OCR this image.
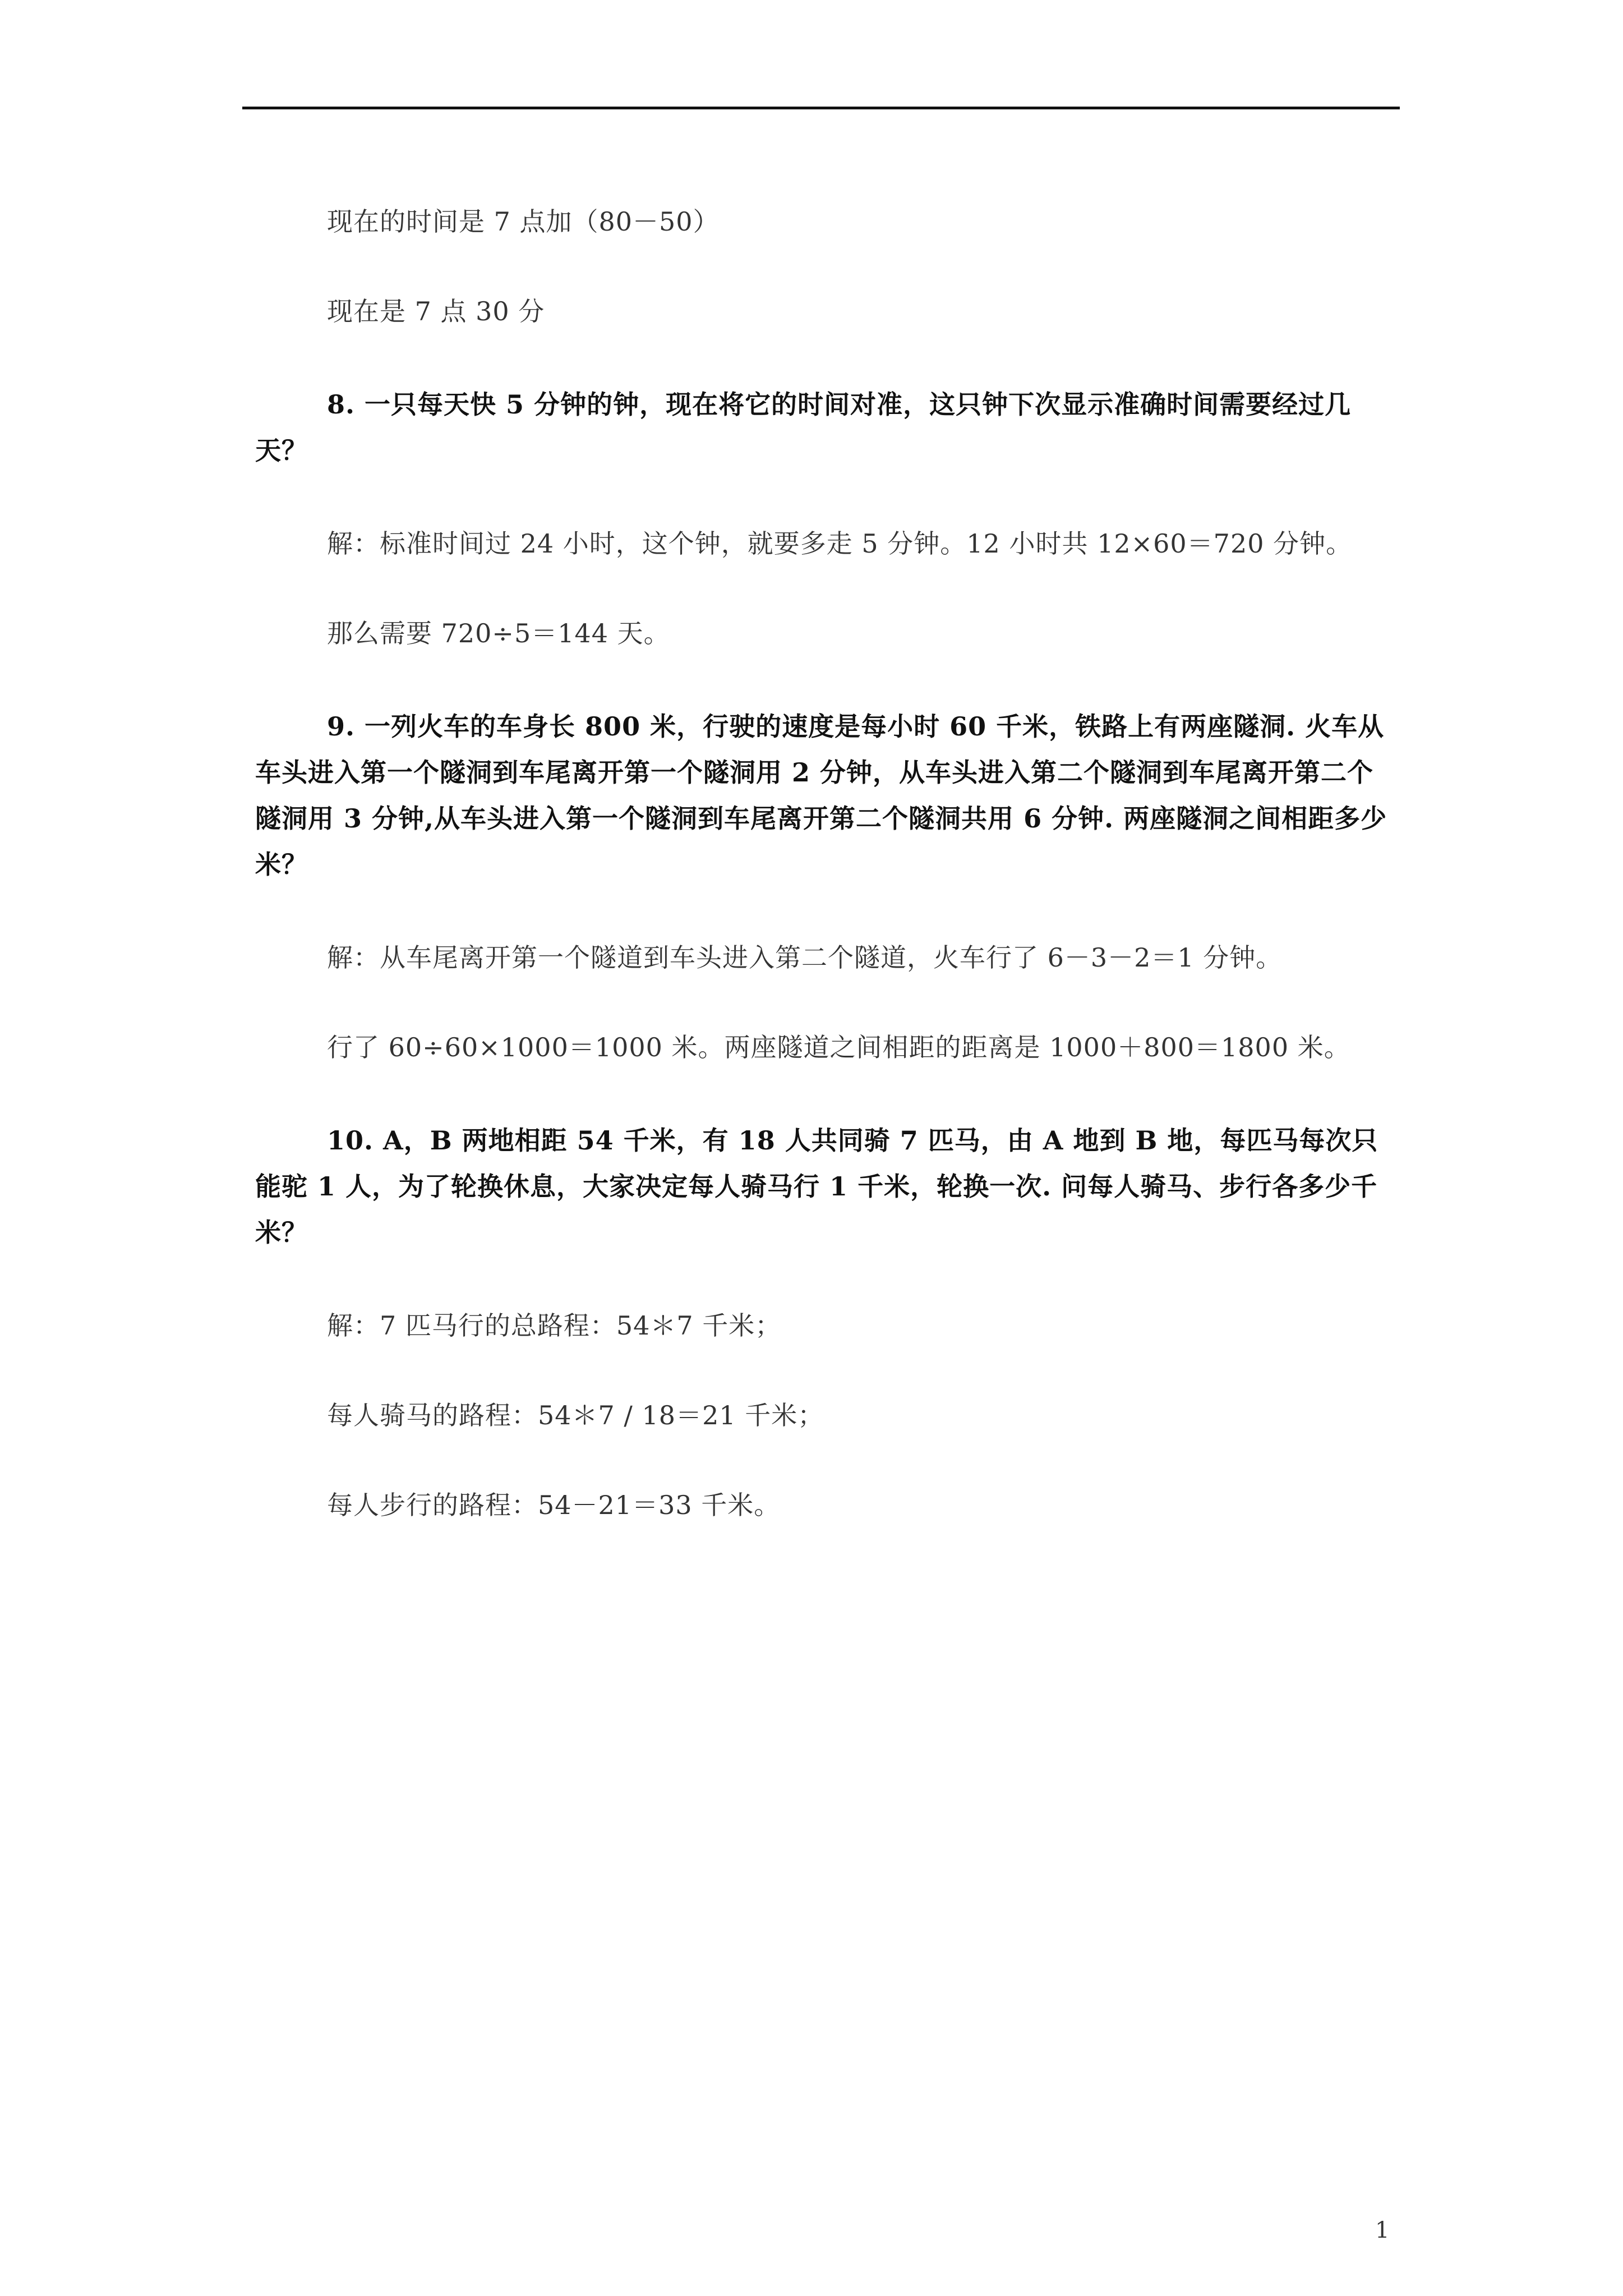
现在的时间是 7 点加（80－50）

现在是 7 点 30 分

8. 一只每天快 5 分钟的钟，现在将它的时间对准，这只钟下次显示准确时间需要经过几天？

解：标准时间过 24 小时，这个钟，就要多走 5 分钟。12 小时共 12×60＝720 分钟。

那么需要 720÷5＝144 天。

9. 一列火车的车身长 800 米，行驶的速度是每小时 60 千米，铁路上有两座隧洞. 火车从车头进入第一个隧洞到车尾离开第一个隧洞用 2 分钟，从车头进入第二个隧洞到车尾离开第二个隧洞用 3 分钟,从车头进入第一个隧洞到车尾离开第二个隧洞共用 6 分钟. 两座隧洞之间相距多少米？

解：从车尾离开第一个隧道到车头进入第二个隧道，火车行了 6－3－2＝1 分钟。

行了 60÷60×1000＝1000 米。两座隧道之间相距的距离是 1000＋800＝1800 米。

10. A，B 两地相距 54 千米，有 18 人共同骑 7 匹马，由 A 地到 B 地，每匹马每次只能驼 1 人，为了轮换休息，大家决定每人骑马行 1 千米，轮换一次. 问每人骑马、步行各多少千米？

解：7 匹马行的总路程：54＊7 千米；

每人骑马的路程：54＊7 / 18＝21 千米；

每人步行的路程：54－21＝33 千米。

1
